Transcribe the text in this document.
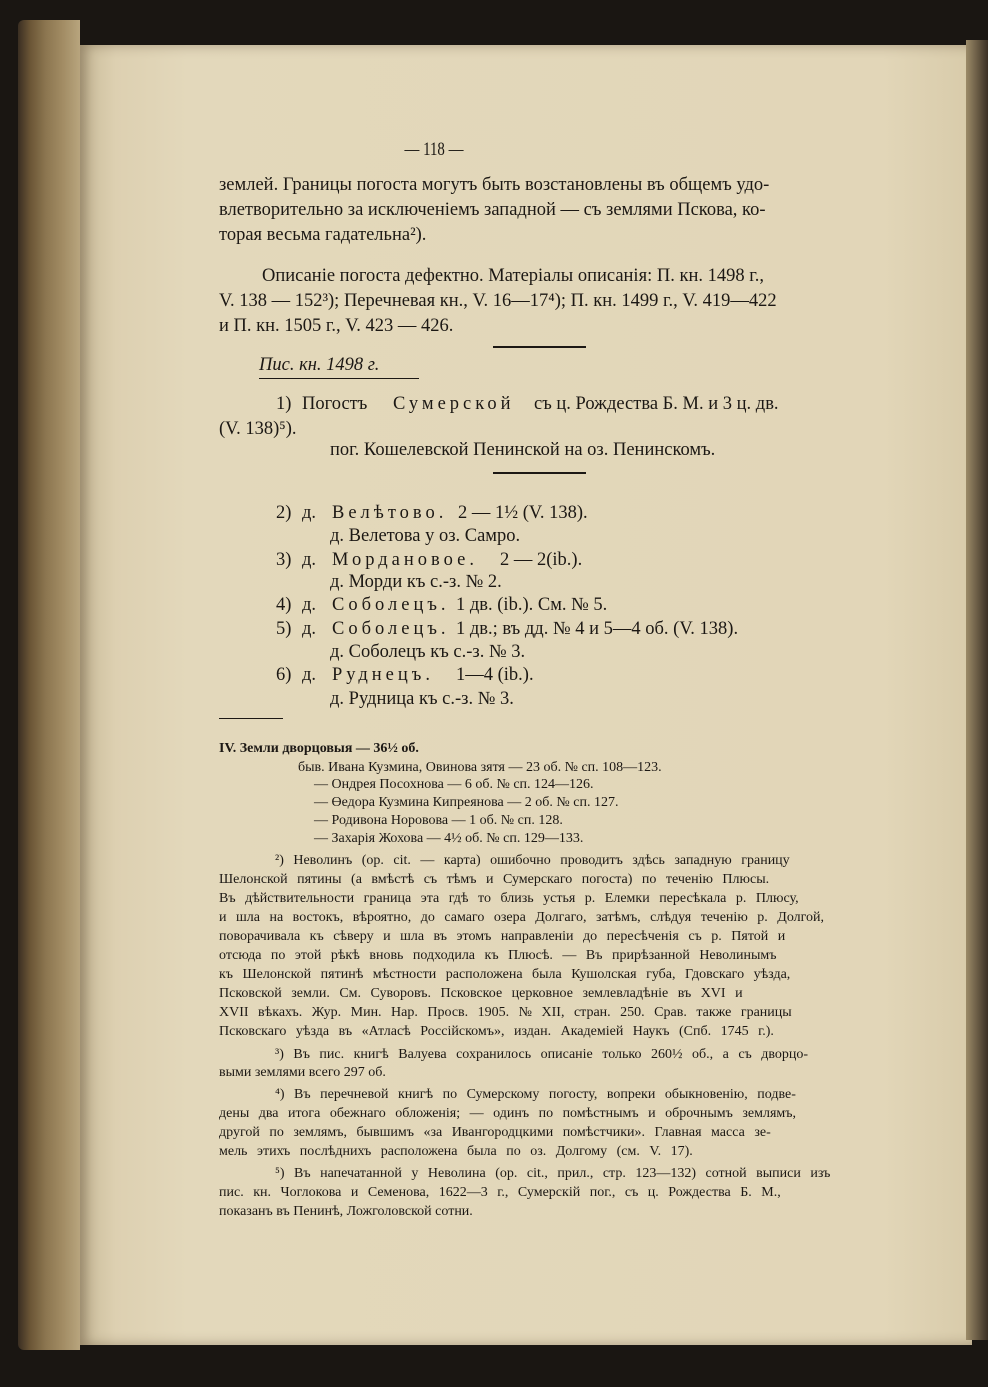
— 118 —
землей. Границы погоста могутъ быть возстановлены въ общемъ удо-
влетворительно за исключеніемъ западной — съ землями Пскова, ко-
торая весьма гадательна²).
Описаніе погоста дефектно. Матеріалы описанія: П. кн. 1498 г.,
V. 138 — 152³); Перечневая кн., V. 16—17⁴); П. кн. 1499 г., V. 419—422
и П. кн. 1505 г., V. 423 — 426.
Пис. кн. 1498 г.
1) Погостъ Сумерской съ ц. Рождества Б. М. и 3 ц. дв.
(V. 138)⁵).
пог. Кошелевской Пенинской на оз. Пенинскомъ.
2) д. Велѣтово. 2 — 1½ (V. 138).
д. Велетова у оз. Самро.
3) д. Мордановое. 2 — 2(ib.).
д. Морди къ с.-з. № 2.
4) д. Соболецъ. 1 дв. (ib.). См. № 5.
5) д. Соболецъ. 1 дв.; въ дд. № 4 и 5—4 об. (V. 138).
д. Соболецъ къ с.-з. № 3.
6) д. Руднецъ. 1—4 (ib.).
д. Рудница къ с.-з. № 3.
IV. Земли дворцовыя — 36½ об.
быв. Ивана Кузмина, Овинова зятя — 23 об. № сп. 108—123.
— Ондрея Посохнова — 6 об. № сп. 124—126.
— Өедора Кузмина Кипреянова — 2 об. № сп. 127.
— Родивона Норовова — 1 об. № сп. 128.
— Захарія Жохова — 4½ об. № сп. 129—133.
²) Неволинъ (op. cit. — карта) ошибочно проводитъ здѣсь западную границу
Шелонской пятины (а вмѣстѣ съ тѣмъ и Сумерскаго погоста) по теченію Плюсы.
Въ дѣйствительности граница эта гдѣ то близь устья р. Елемки пересѣкала р. Плюсу,
и шла на востокъ, вѣроятно, до самаго озера Долгаго, затѣмъ, слѣдуя теченію р. Долгой,
поворачивала къ сѣверу и шла въ этомъ направленіи до пересѣченія съ р. Пятой и
отсюда по этой рѣкѣ вновь подходила къ Плюсѣ. — Въ прирѣзанной Неволинымъ
къ Шелонской пятинѣ мѣстности расположена была Кушолская губа, Гдовскаго уѣзда,
Псковской земли. См. Суворовъ. Псковское церковное землевладѣніе въ XVI и
XVII вѣкахъ. Жур. Мин. Нар. Просв. 1905. № XII, стран. 250. Срав. также границы
Псковскаго уѣзда въ «Атласѣ Россійскомъ», издан. Академіей Наукъ (Спб. 1745 г.).
³) Въ пис. книгѣ Валуева сохранилось описаніе только 260½ об., а съ дворцо-
выми землями всего 297 об.
⁴) Въ перечневой книгѣ по Сумерскому погосту, вопреки обыкновенію, подве-
дены два итога обежнаго обложенія; — одинъ по помѣстнымъ и оброчнымъ землямъ,
другой по землямъ, бывшимъ «за Ивангородцкими помѣстчики». Главная масса зе-
мель этихъ послѣднихъ расположена была по оз. Долгому (см. V. 17).
⁵) Въ напечатанной у Неволина (op. cit., прил., стр. 123—132) сотной выписи изъ
пис. кн. Чоглокова и Семенова, 1622—3 г., Сумерскій пог., съ ц. Рождества Б. М.,
показанъ въ Пенинѣ, Ложголовской сотни.
